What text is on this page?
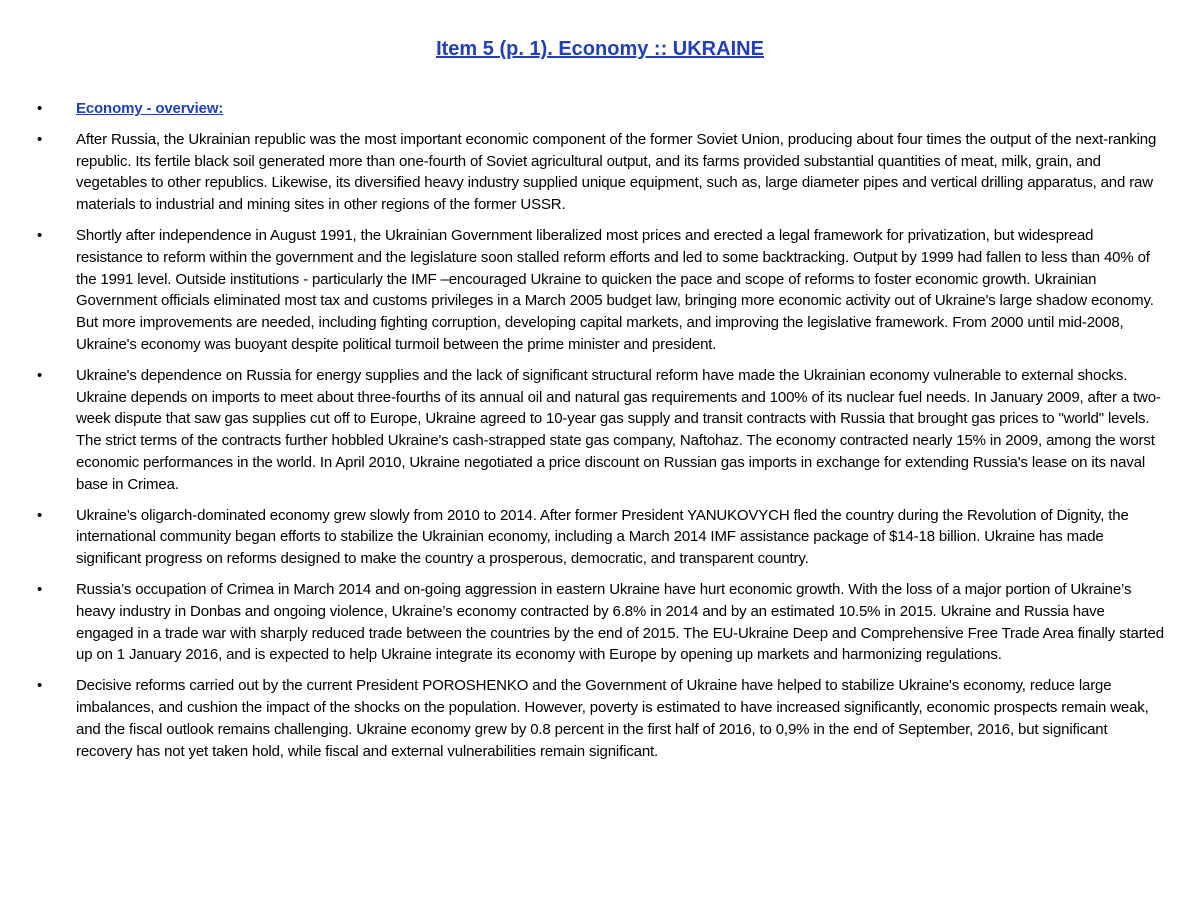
Item 5 (p. 1). Economy :: UKRAINE
• Economy - overview:
• After Russia, the Ukrainian republic was the most important economic component of the former Soviet Union, producing about four times the output of the next-ranking republic. Its fertile black soil generated more than one-fourth of Soviet agricultural output, and its farms provided substantial quantities of meat, milk, grain, and vegetables to other republics. Likewise, its diversified heavy industry supplied unique equipment, such as, large diameter pipes and vertical drilling apparatus, and raw materials to industrial and mining sites in other regions of the former USSR.
• Shortly after independence in August 1991, the Ukrainian Government liberalized most prices and erected a legal framework for privatization, but widespread resistance to reform within the government and the legislature soon stalled reform efforts and led to some backtracking. Output by 1999 had fallen to less than 40% of the 1991 level. Outside institutions - particularly the IMF –encouraged Ukraine to quicken the pace and scope of reforms to foster economic growth. Ukrainian Government officials eliminated most tax and customs privileges in a March 2005 budget law, bringing more economic activity out of Ukraine's large shadow economy. But more improvements are needed, including fighting corruption, developing capital markets, and improving the legislative framework. From 2000 until mid-2008, Ukraine's economy was buoyant despite political turmoil between the prime minister and president.
• Ukraine's dependence on Russia for energy supplies and the lack of significant structural reform have made the Ukrainian economy vulnerable to external shocks. Ukraine depends on imports to meet about three-fourths of its annual oil and natural gas requirements and 100% of its nuclear fuel needs. In January 2009, after a two-week dispute that saw gas supplies cut off to Europe, Ukraine agreed to 10-year gas supply and transit contracts with Russia that brought gas prices to "world" levels. The strict terms of the contracts further hobbled Ukraine's cash-strapped state gas company, Naftohaz. The economy contracted nearly 15% in 2009, among the worst economic performances in the world. In April 2010, Ukraine negotiated a price discount on Russian gas imports in exchange for extending Russia's lease on its naval base in Crimea.
• Ukraine’s oligarch-dominated economy grew slowly from 2010 to 2014. After former President YANUKOVYCH fled the country during the Revolution of Dignity, the international community began efforts to stabilize the Ukrainian economy, including a March 2014 IMF assistance package of $14-18 billion. Ukraine has made significant progress on reforms designed to make the country a prosperous, democratic, and transparent country.
• Russia’s occupation of Crimea in March 2014 and on-going aggression in eastern Ukraine have hurt economic growth. With the loss of a major portion of Ukraine’s heavy industry in Donbas and ongoing violence, Ukraine’s economy contracted by 6.8% in 2014 and by an estimated 10.5% in 2015. Ukraine and Russia have engaged in a trade war with sharply reduced trade between the countries by the end of 2015. The EU-Ukraine Deep and Comprehensive Free Trade Area finally started up on 1 January 2016, and is expected to help Ukraine integrate its economy with Europe by opening up markets and harmonizing regulations.
• Decisive reforms carried out by the current President POROSHENKO and the Government of Ukraine have helped to stabilize Ukraine's economy, reduce large imbalances, and cushion the impact of the shocks on the population. However, poverty is estimated to have increased significantly, economic prospects remain weak, and the fiscal outlook remains challenging. Ukraine economy grew by 0.8 percent in the first half of 2016, to 0,9% in the end of September, 2016, but significant recovery has not yet taken hold, while fiscal and external vulnerabilities remain significant.
